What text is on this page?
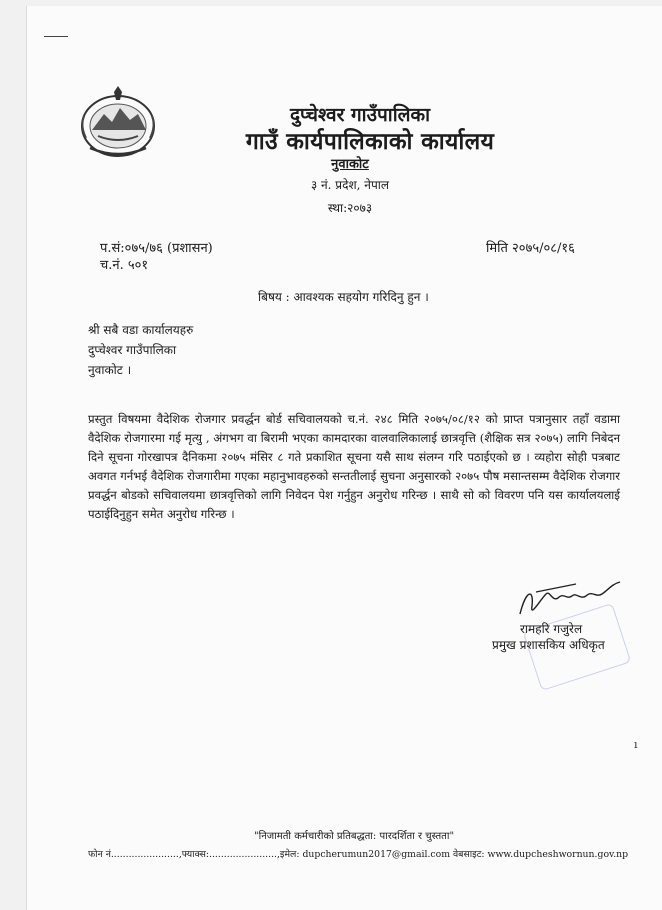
दुप्चेश्वर गाउँपालिका
गाउँ कार्यपालिकाको कार्यालय
नुवाकोट
३ नं. प्रदेश, नेपाल
स्था:२०७३
प.सं:०७५/७६ (प्रशासन)
च.नं. ५०१
मिति २०७५/०८/१६
बिषय : आवश्यक सहयोग गरिदिनु हुन ।
श्री सबै वडा कार्यालयहरु
दुप्चेश्वर गाउँपालिका
नुवाकोट ।
प्रस्तुत विषयमा वैदेशिक रोजगार प्रवर्द्धन बोर्ड सचिवालयको च.नं. २४८ मिति २०७५/०८/१२ को प्राप्त पत्रानुसार तहाँ वडामा वैदेशिक रोजगारमा गई मृत्यु , अंगभग वा बिरामी भएका कामदारका वालवालिकालाई छात्रवृत्ति (शैक्षिक सत्र २०७५) लागि निबेदन दिने सूचना गोरखापत्र दैनिकमा २०७५ मंसिर ८ गते प्रकाशित सूचना यसै साथ संलग्न गरि पठाईएको छ । व्यहोरा सोही पत्रबाट अवगत गर्नभई वैदेशिक रोजगारीमा गएका महानुभावहरुको सन्ततीलाई सुचना अनुसारको २०७५ पौष मसान्तसम्म वैदेशिक रोजगार प्रवर्द्धन बोडको सचिवालयमा छात्रवृत्तिको लागि निवेदन पेश गर्नुहुन अनुरोध गरिन्छ । साथै सो को विवरण पनि यस कार्यालयलाई पठाईदिनुहुन समेत अनुरोध गरिन्छ ।
रामहरि गजुरेल
प्रमुख प्रशासकिय अधिकृत
ı
"निजामती कर्मचारीको प्रतिबद्धता: पारदर्शिता र चुस्तता"
फोन नं.......................,फ्याक्स:.......................,इमेल: dupcherumun2017@gmail.com वेबसाइट: www.dupcheshwornun.gov.np
